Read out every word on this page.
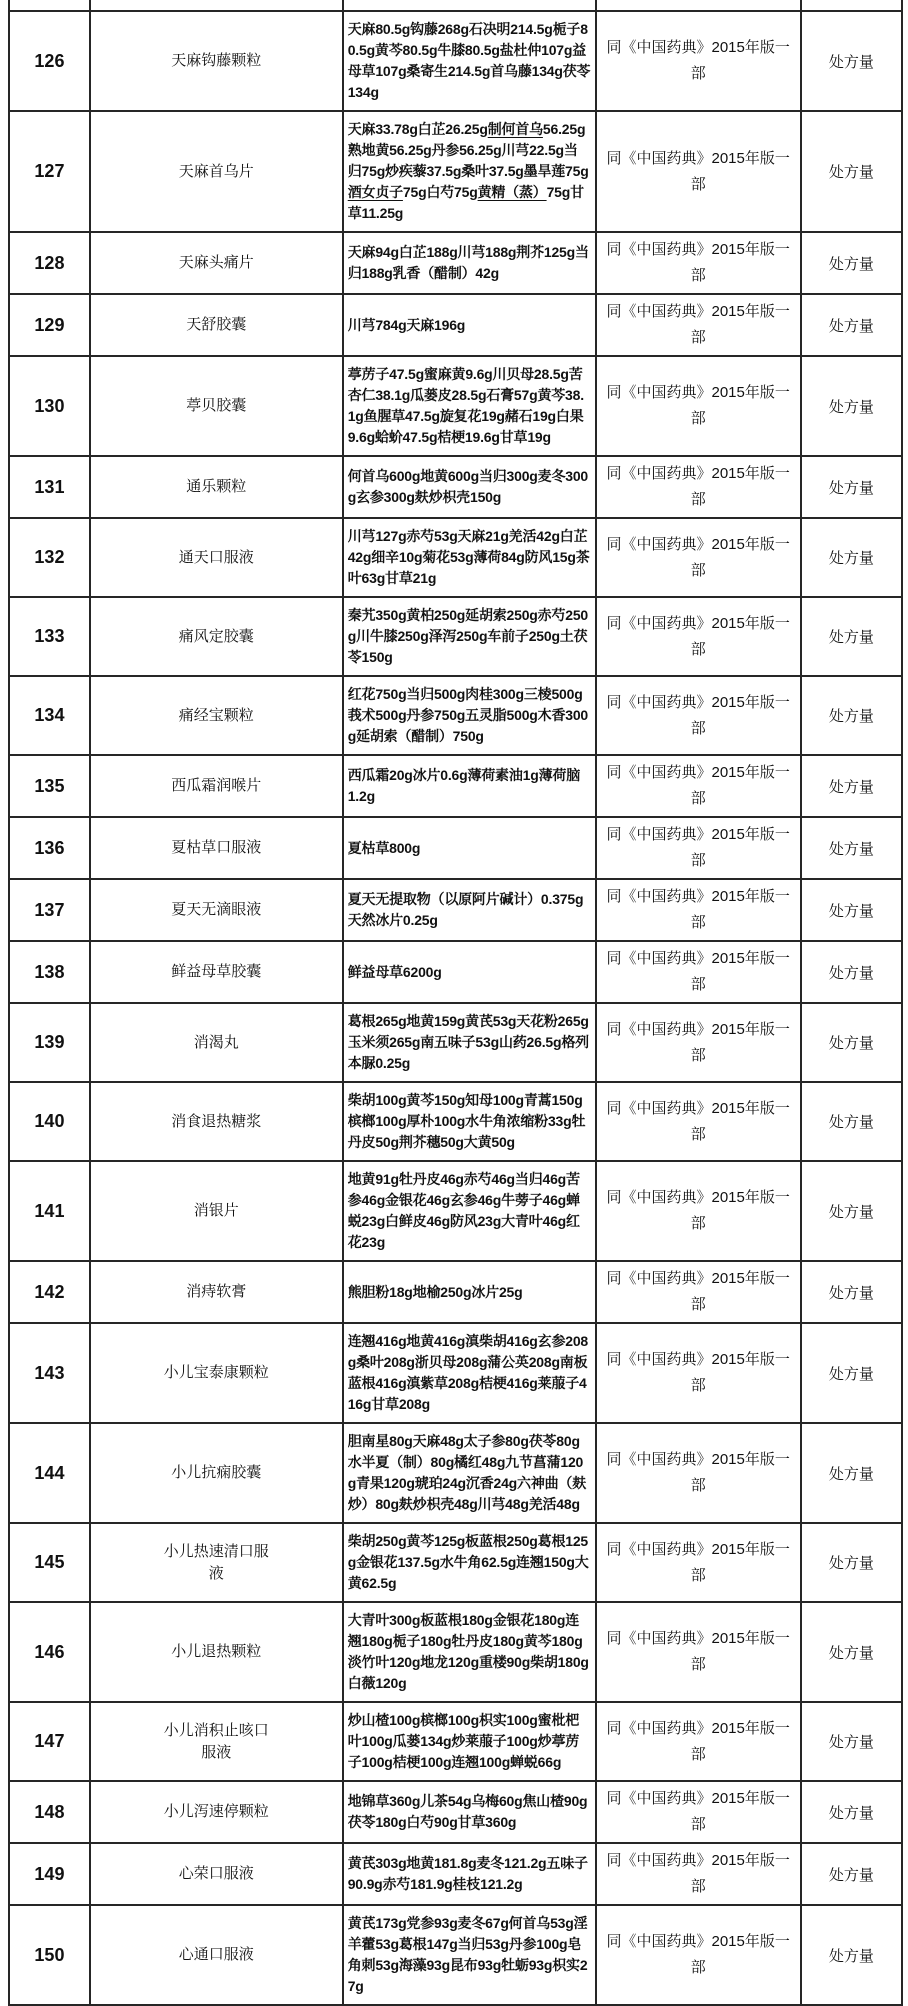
126	天麻钩藤颗粒	天麻80.5g钩藤268g石决明214.5g栀子80.5g黄芩80.5g牛膝80.5g盐杜仲107g益母草107g桑寄生214.5g首乌藤134g茯苓134g	同《中国药典》2015年版一部	处方量
127	天麻首乌片	天麻33.78g白芷26.25g制何首乌56.25g熟地黄56.25g丹参56.25g川芎22.5g当归75g炒疾藜37.5g桑叶37.5g墨旱莲75g酒女贞子75g白芍75g黄精（蒸）75g甘草11.25g	同《中国药典》2015年版一部	处方量
128	天麻头痛片	天麻94g白芷188g川芎188g荆芥125g当归188g乳香（醋制）42g	同《中国药典》2015年版一部	处方量
129	天舒胶囊	川芎784g天麻196g	同《中国药典》2015年版一部	处方量
130	葶贝胶囊	葶苈子47.5g蜜麻黄9.6g川贝母28.5g苦杏仁38.1g瓜蒌皮28.5g石膏57g黄芩38.1g鱼腥草47.5g旋复花19g赭石19g白果9.6g蛤蚧47.5g桔梗19.6g甘草19g	同《中国药典》2015年版一部	处方量
131	通乐颗粒	何首乌600g地黄600g当归300g麦冬300g玄参300g麸炒枳壳150g	同《中国药典》2015年版一部	处方量
132	通天口服液	川芎127g赤芍53g天麻21g羌活42g白芷42g细辛10g菊花53g薄荷84g防风15g茶叶63g甘草21g	同《中国药典》2015年版一部	处方量
133	痛风定胶囊	秦艽350g黄柏250g延胡索250g赤芍250g川牛膝250g泽泻250g车前子250g土茯苓150g	同《中国药典》2015年版一部	处方量
134	痛经宝颗粒	红花750g当归500g肉桂300g三棱500g莪术500g丹参750g五灵脂500g木香300g延胡索（醋制）750g	同《中国药典》2015年版一部	处方量
135	西瓜霜润喉片	西瓜霜20g冰片0.6g薄荷素油1g薄荷脑1.2g	同《中国药典》2015年版一部	处方量
136	夏枯草口服液	夏枯草800g	同《中国药典》2015年版一部	处方量
137	夏天无滴眼液	夏天无提取物（以原阿片碱计）0.375g天然冰片0.25g	同《中国药典》2015年版一部	处方量
138	鲜益母草胶囊	鲜益母草6200g	同《中国药典》2015年版一部	处方量
139	消渴丸	葛根265g地黄159g黄芪53g天花粉265g玉米须265g南五味子53g山药26.5g格列本脲0.25g	同《中国药典》2015年版一部	处方量
140	消食退热糖浆	柴胡100g黄芩150g知母100g青蒿150g槟榔100g厚朴100g水牛角浓缩粉33g牡丹皮50g荆芥穗50g大黄50g	同《中国药典》2015年版一部	处方量
141	消银片	地黄91g牡丹皮46g赤芍46g当归46g苦参46g金银花46g玄参46g牛蒡子46g蝉蜕23g白鲜皮46g防风23g大青叶46g红花23g	同《中国药典》2015年版一部	处方量
142	消痔软膏	熊胆粉18g地榆250g冰片25g	同《中国药典》2015年版一部	处方量
143	小儿宝泰康颗粒	连翘416g地黄416g滇柴胡416g玄参208g桑叶208g浙贝母208g蒲公英208g南板蓝根416g滇紫草208g桔梗416g莱菔子416g甘草208g	同《中国药典》2015年版一部	处方量
144	小儿抗痫胶囊	胆南星80g天麻48g太子参80g茯苓80g水半夏（制）80g橘红48g九节菖蒲120g青果120g琥珀24g沉香24g六神曲（麸炒）80g麸炒枳壳48g川芎48g羌活48g	同《中国药典》2015年版一部	处方量
145	小儿热速清口服液	柴胡250g黄芩125g板蓝根250g葛根125g金银花137.5g水牛角62.5g连翘150g大黄62.5g	同《中国药典》2015年版一部	处方量
146	小儿退热颗粒	大青叶300g板蓝根180g金银花180g连翘180g栀子180g牡丹皮180g黄芩180g淡竹叶120g地龙120g重楼90g柴胡180g白薇120g	同《中国药典》2015年版一部	处方量
147	小儿消积止咳口服液	炒山楂100g槟榔100g枳实100g蜜枇杷叶100g瓜蒌134g炒莱菔子100g炒葶苈子100g桔梗100g连翘100g蝉蜕66g	同《中国药典》2015年版一部	处方量
148	小儿泻速停颗粒	地锦草360g儿茶54g乌梅60g焦山楂90g茯苓180g白芍90g甘草360g	同《中国药典》2015年版一部	处方量
149	心荣口服液	黄芪303g地黄181.8g麦冬121.2g五味子90.9g赤芍181.9g桂枝121.2g	同《中国药典》2015年版一部	处方量
150	心通口服液	黄芪173g党参93g麦冬67g何首乌53g淫羊藿53g葛根147g当归53g丹参100g皂角刺53g海藻93g昆布93g牡蛎93g枳实27g	同《中国药典》2015年版一部	处方量
